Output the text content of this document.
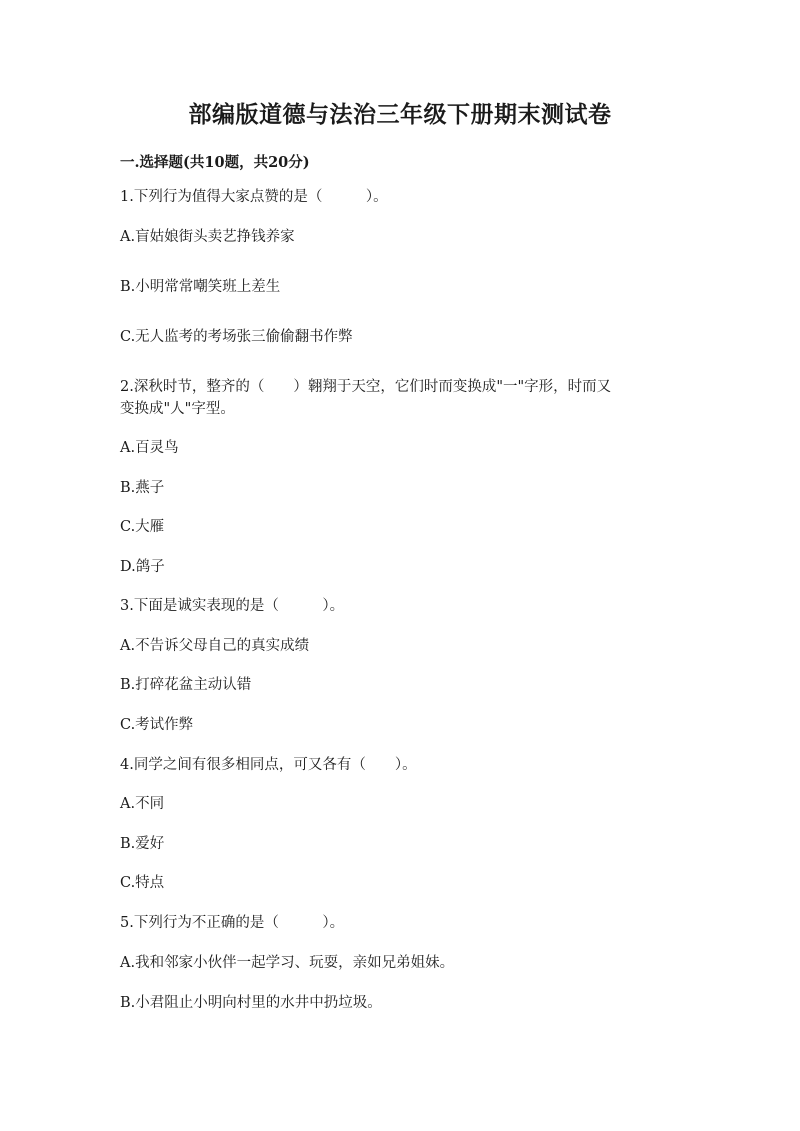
部编版道德与法治三年级下册期末测试卷
一.选择题(共10题，共20分)
1.下列行为值得大家点赞的是（　　　）。
A.盲姑娘街头卖艺挣钱养家
B.小明常常嘲笑班上差生
C.无人监考的考场张三偷偷翻书作弊
2.深秋时节，整齐的（　　）翱翔于天空，它们时而变换成"一"字形，时而又
变换成"人"字型。
A.百灵鸟
B.燕子
C.大雁
D.鸽子
3.下面是诚实表现的是（　　　）。
A.不告诉父母自己的真实成绩
B.打碎花盆主动认错
C.考试作弊
4.同学之间有很多相同点，可又各有（　　）。
A.不同
B.爱好
C.特点
5.下列行为不正确的是（　　　）。
A.我和邻家小伙伴一起学习、玩耍，亲如兄弟姐妹。
B.小君阻止小明向村里的水井中扔垃圾。
